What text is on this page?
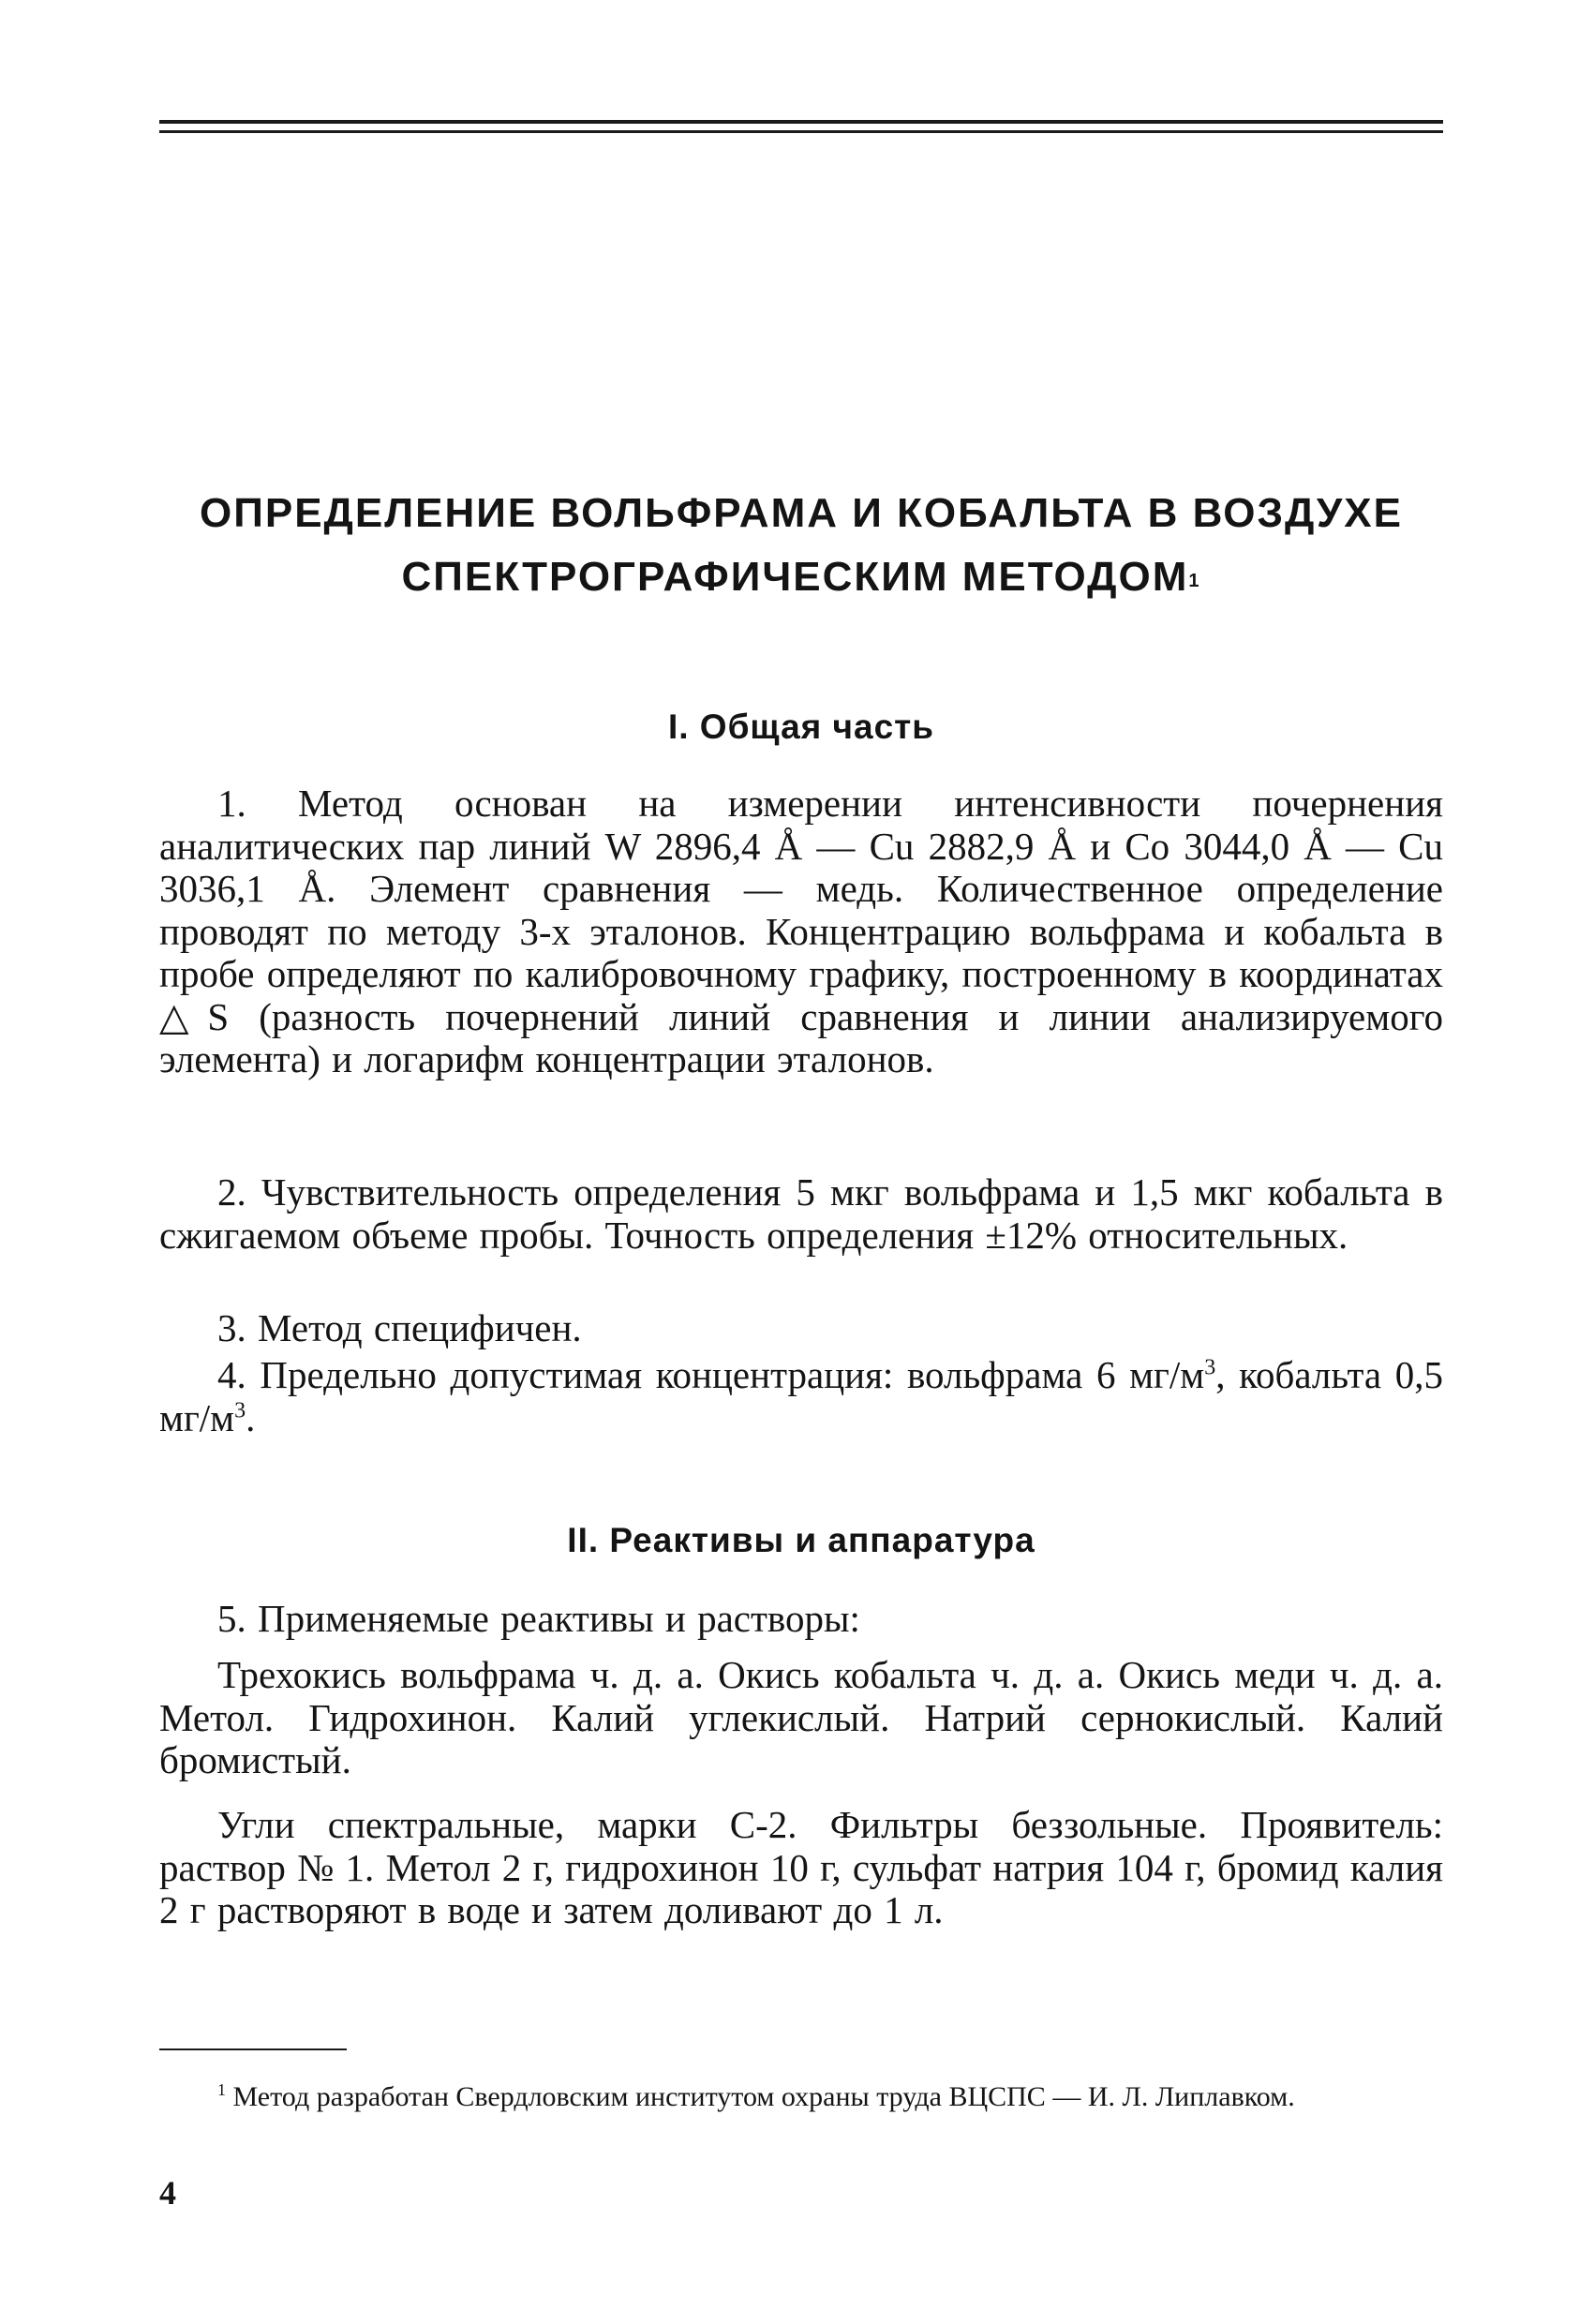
ОПРЕДЕЛЕНИЕ ВОЛЬФРАМА И КОБАЛЬТА В ВОЗДУХЕ
СПЕКТРОГРАФИЧЕСКИМ МЕТОДОМ$^1$
I. Общая часть

1. Метод основан на измерении интенсивности почернения аналитических пар линий W 2896,4 Å — Cu 2882,9 Å и Co 3044,0 Å — Cu 3036,1 Å. Элемент сравнения — медь. Количественное определение проводят по методу 3-х эталонов. Концентрацию вольфрама и кобальта в пробе определяют по калибровочному графику, построенному в координатах △S (разность почернений линий сравнения и линии анализируемого элемента) и логарифм концентрации эталонов.

2. Чувствительность определения 5 мкг вольфрама и 1,5 мкг кобальта в сжигаемом объеме пробы. Точность определения ±12% относительных.

3. Метод специфичен.

4. Предельно допустимая концентрация: вольфрама 6 $мг/м^3$, кобальта 0,5 $мг/м^3$.

II. Реактивы и аппаратура

5. Применяемые реактивы и растворы:

Трехокись вольфрама ч. д. а. Окись кобальта ч. д. а. Окись меди ч. д. а. Метол. Гидрохинон. Калий углекислый. Натрий сернокислый. Калий бромистый.

Угли спектральные, марки С-2. Фильтры беззольные. Проявитель: раствор № 1. Метол 2 г, гидрохинон 10 г, сульфат натрия 104 г, бромид калия 2 г растворяют в воде и затем доливают до 1 л.

$^1$ Метод разработан Свердловским институтом охраны труда ВЦСПС — И. Л. Липлавком.

4
